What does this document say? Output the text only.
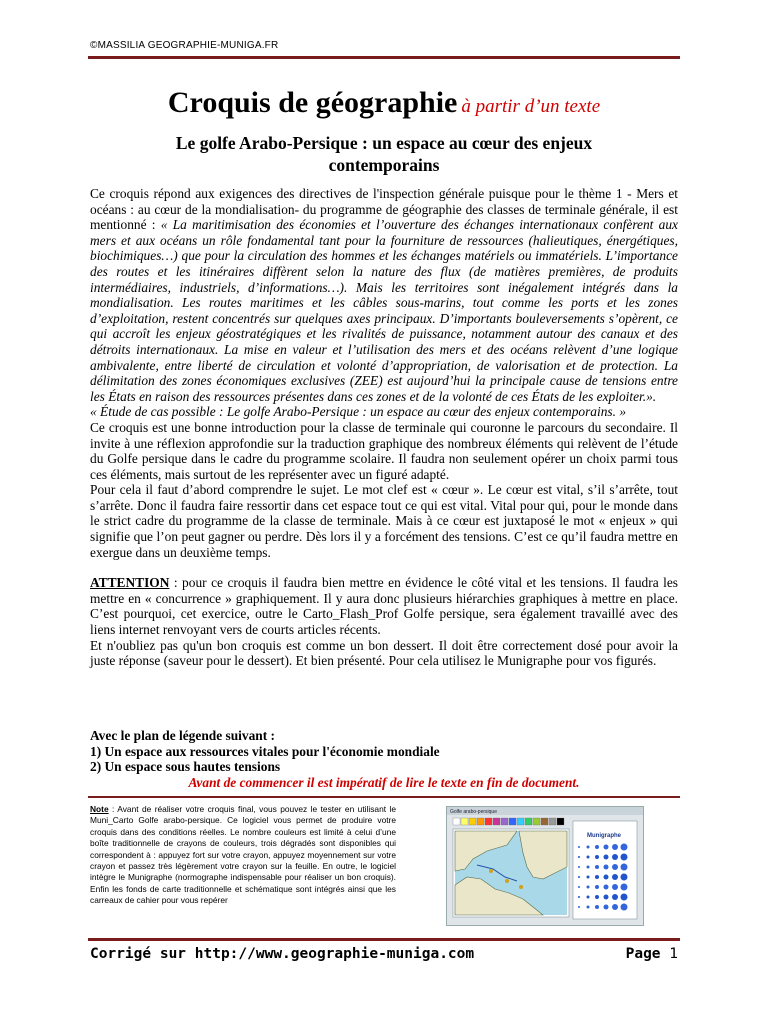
©MASSILIA GEOGRAPHIE-MUNIGA.FR
Croquis de géographie à partir d’un texte
Le golfe Arabo-Persique : un espace au cœur des enjeux contemporains

Ce croquis répond aux exigences des directives de l'inspection générale puisque pour le thème 1 - Mers et océans : au cœur de la mondialisation- du programme de géographie des classes de terminale générale, il est mentionné : « La maritimisation des économies et l’ouverture des échanges internationaux confèrent aux mers et aux océans un rôle fondamental tant pour la fourniture de ressources (halieutiques, énergétiques, biochimiques…) que pour la circulation des hommes et les échanges matériels ou immatériels. L’importance des routes et les itinéraires diffèrent selon la nature des flux (de matières premières, de produits intermédiaires, industriels, d’informations…). Mais les territoires sont inégalement intégrés dans la mondialisation. Les routes maritimes et les câbles sous-marins, tout comme les ports et les zones d’exploitation, restent concentrés sur quelques axes principaux. D’importants bouleversements s’opèrent, ce qui accroît les enjeux géostratégiques et les rivalités de puissance, notamment autour des canaux et des détroits internationaux. La mise en valeur et l’utilisation des mers et des océans relèvent d’une logique ambivalente, entre liberté de circulation et volonté d’appropriation, de valorisation et de protection. La délimitation des zones économiques exclusives (ZEE) est aujourd’hui la principale cause de tensions entre les États en raison des ressources présentes dans ces zones et de la volonté de ces États de les exploiter.».

« Étude de cas possible : Le golfe Arabo-Persique : un espace au cœur des enjeux contemporains. »

Ce croquis est une bonne introduction pour la classe de terminale qui couronne le parcours du secondaire. Il invite à une réflexion approfondie sur la traduction graphique des nombreux éléments qui relèvent de l’étude du Golfe persique dans le cadre du programme scolaire. Il faudra non seulement opérer un choix parmi tous ces éléments, mais surtout de les représenter avec un figuré adapté.

Pour cela il faut d’abord comprendre le sujet. Le mot clef est « cœur ». Le cœur est vital, s’il s’arrête, tout s’arrête. Donc il faudra faire ressortir dans cet espace tout ce qui est vital. Vital pour qui, pour le monde dans le strict cadre du programme de la classe de terminale. Mais à ce cœur est juxtaposé le mot « enjeux » qui signifie que l’on peut gagner ou perdre. Dès lors il y a forcément des tensions. C’est ce qu’il faudra mettre en exergue dans un deuxième temps.

ATTENTION : pour ce croquis il faudra bien mettre en évidence le côté vital et les tensions. Il faudra les mettre en « concurrence » graphiquement. Il y aura donc plusieurs hiérarchies graphiques à mettre en place. C’est pourquoi, cet exercice, outre le Carto_Flash_Prof Golfe persique, sera également travaillé avec des liens internet renvoyant vers de courts articles récents.

Et n'oubliez pas qu'un bon croquis est comme un bon dessert. Il doit être correctement dosé pour avoir la juste réponse (saveur pour le dessert). Et bien présenté. Pour cela utilisez le Munigraphe pour vos figurés.

Avec le plan de légende suivant :

1) Un espace aux ressources vitales pour l'économie mondiale

2) Un espace sous hautes tensions

Avant de commencer il est impératif de lire le texte en fin de document.

Note : Avant de réaliser votre croquis final, vous pouvez le tester en utilisant le Muni_Carto Golfe arabo-persique. Ce logiciel vous permet de produire votre croquis dans des conditions réelles. Le nombre couleurs est limité à celui d’une boîte traditionnelle de crayons de couleurs, trois dégradés sont disponibles qui correspondent à : appuyez fort sur votre crayon, appuyez moyennement sur votre crayon et passez très légèrement votre crayon sur la feuille. En outre, le logiciel intègre le Munigraphe (normographe indispensable pour réaliser un bon croquis). Enfin les fonds de carte traditionnelle et schématique sont intégrés ainsi que les carreaux de cahier pour vous repérer
Golfe arabo-persique
Munigraphe
Corrigé sur http://www.geographie-muniga.com	Page 1
